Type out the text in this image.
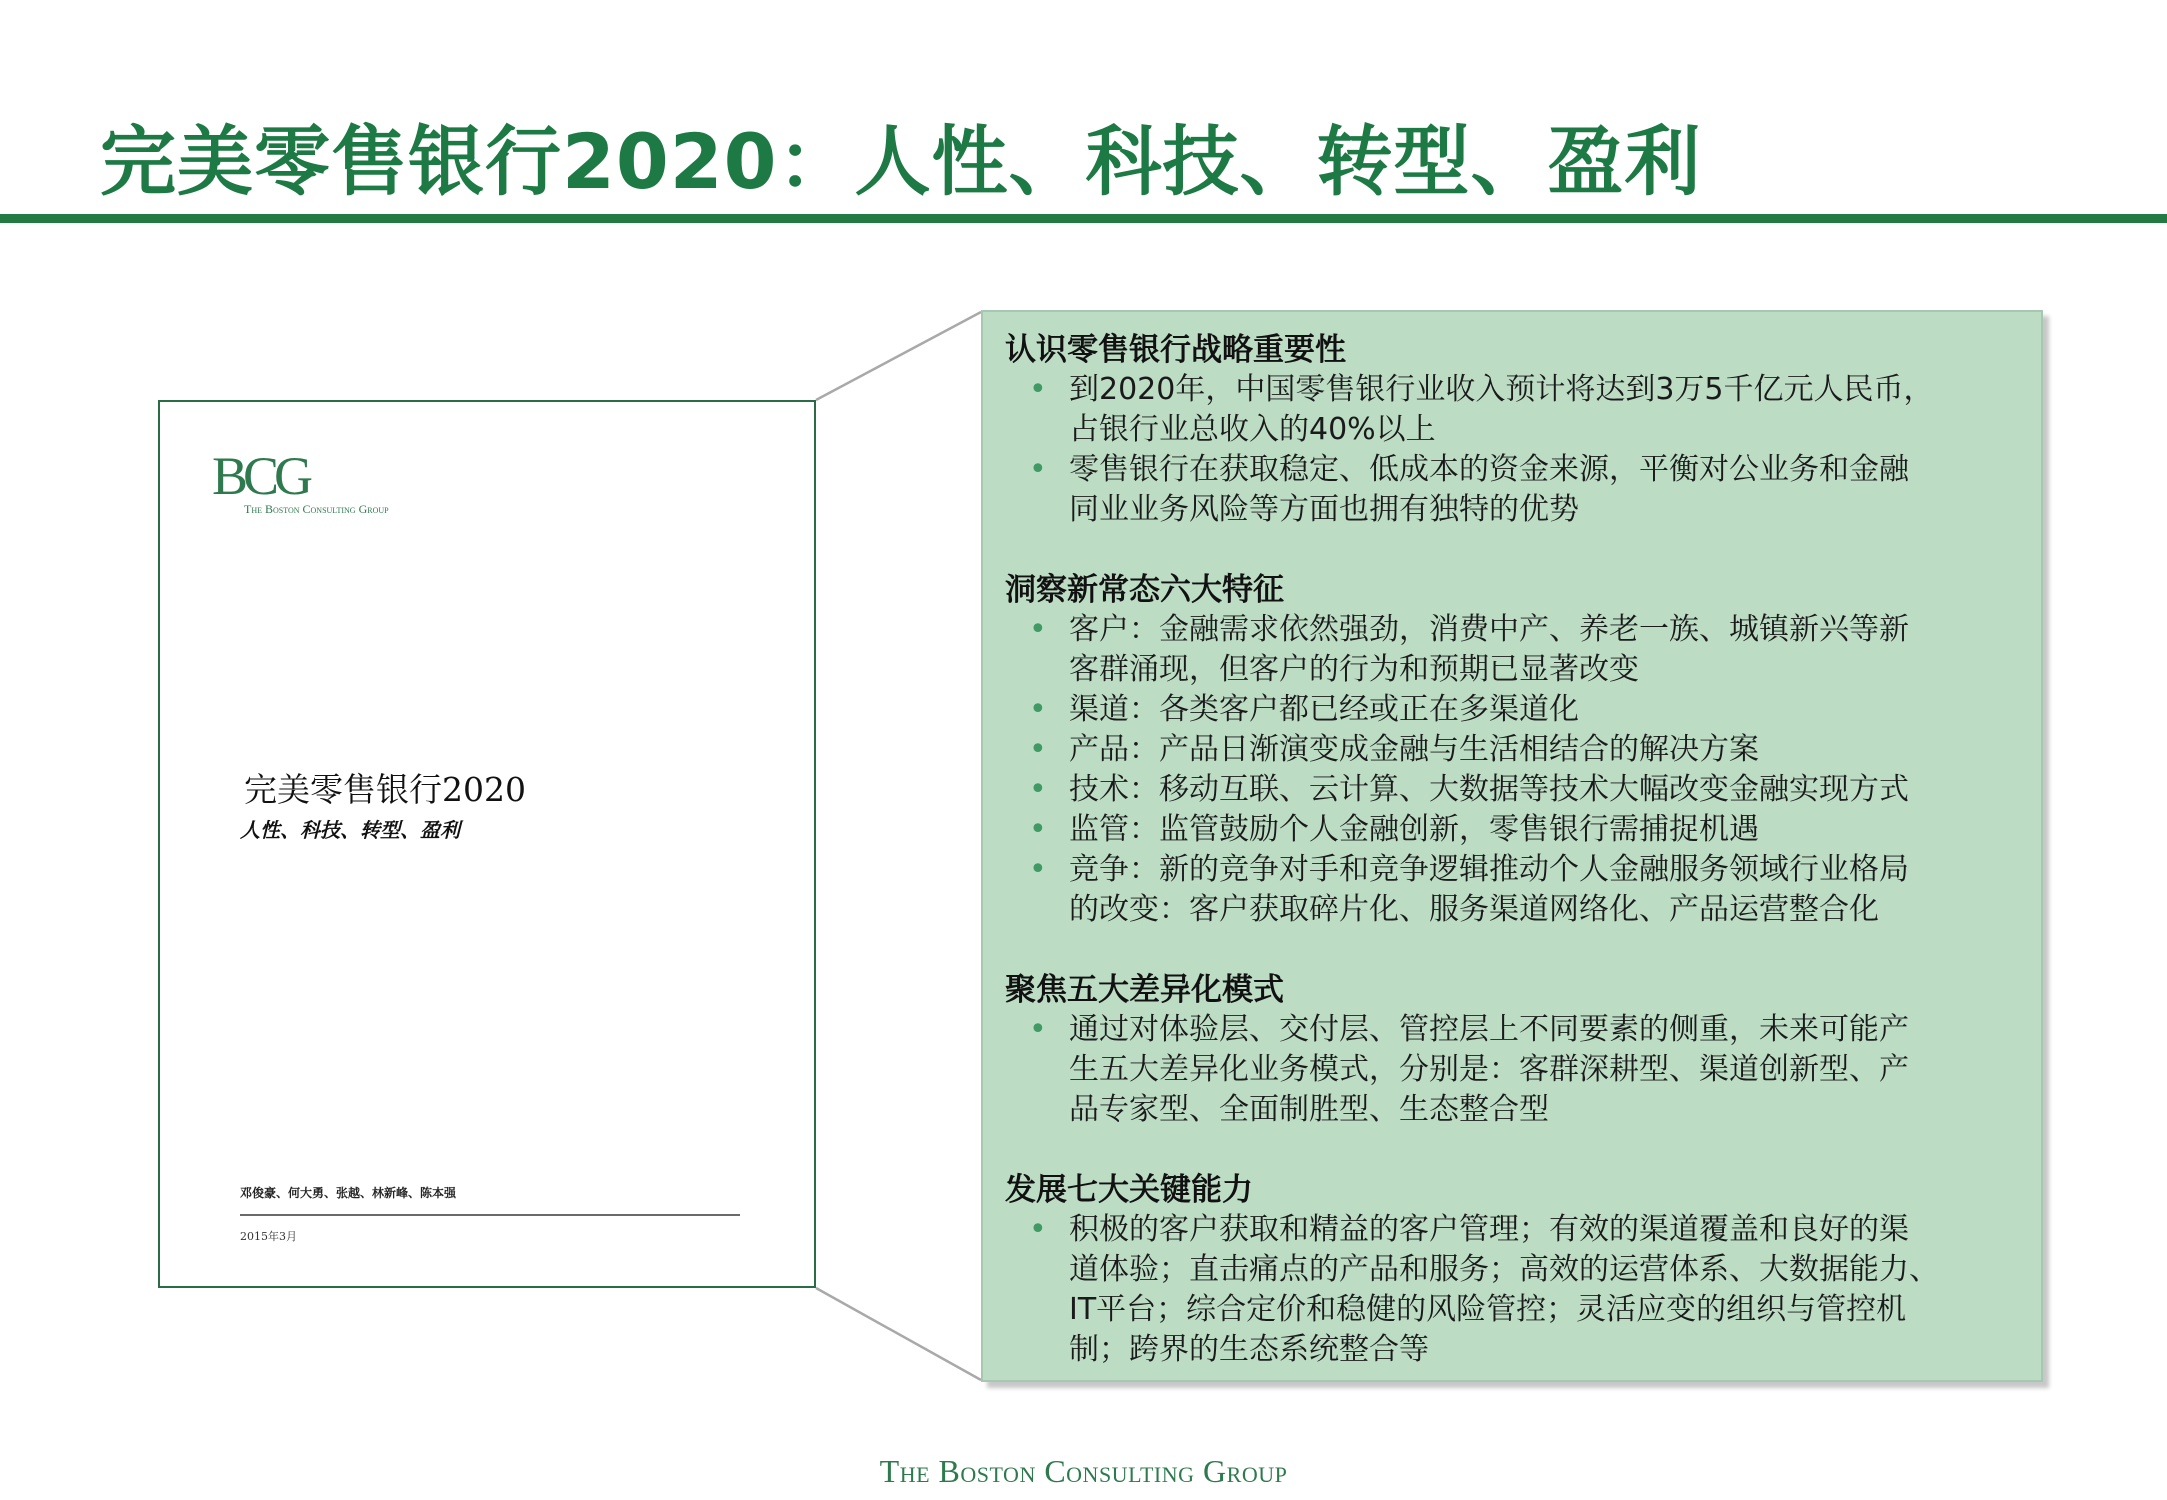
完美零售银行2020：人性、科技、转型、盈利
BCG
The Boston Consulting Group
完美零售银行2020
人性、科技、转型、盈利
邓俊豪、何大勇、张越、林新峰、陈本强
2015年3月
认识零售银行战略重要性
• 到2020年，中国零售银行业收入预计将达到3万5千亿元人民币，
占银行业总收入的40%以上
• 零售银行在获取稳定、低成本的资金来源，平衡对公业务和金融
同业业务风险等方面也拥有独特的优势
洞察新常态六大特征
• 客户：金融需求依然强劲，消费中产、养老一族、城镇新兴等新
客群涌现，但客户的行为和预期已显著改变
• 渠道：各类客户都已经或正在多渠道化
• 产品：产品日渐演变成金融与生活相结合的解决方案
• 技术：移动互联、云计算、大数据等技术大幅改变金融实现方式
• 监管：监管鼓励个人金融创新，零售银行需捕捉机遇
• 竞争：新的竞争对手和竞争逻辑推动个人金融服务领域行业格局
的改变：客户获取碎片化、服务渠道网络化、产品运营整合化
聚焦五大差异化模式
• 通过对体验层、交付层、管控层上不同要素的侧重，未来可能产
生五大差异化业务模式，分别是：客群深耕型、渠道创新型、产
品专家型、全面制胜型、生态整合型
发展七大关键能力
• 积极的客户获取和精益的客户管理；有效的渠道覆盖和良好的渠
道体验；直击痛点的产品和服务；高效的运营体系、大数据能力、
IT平台；综合定价和稳健的风险管控；灵活应变的组织与管控机
制；跨界的生态系统整合等
The Boston Consulting Group
